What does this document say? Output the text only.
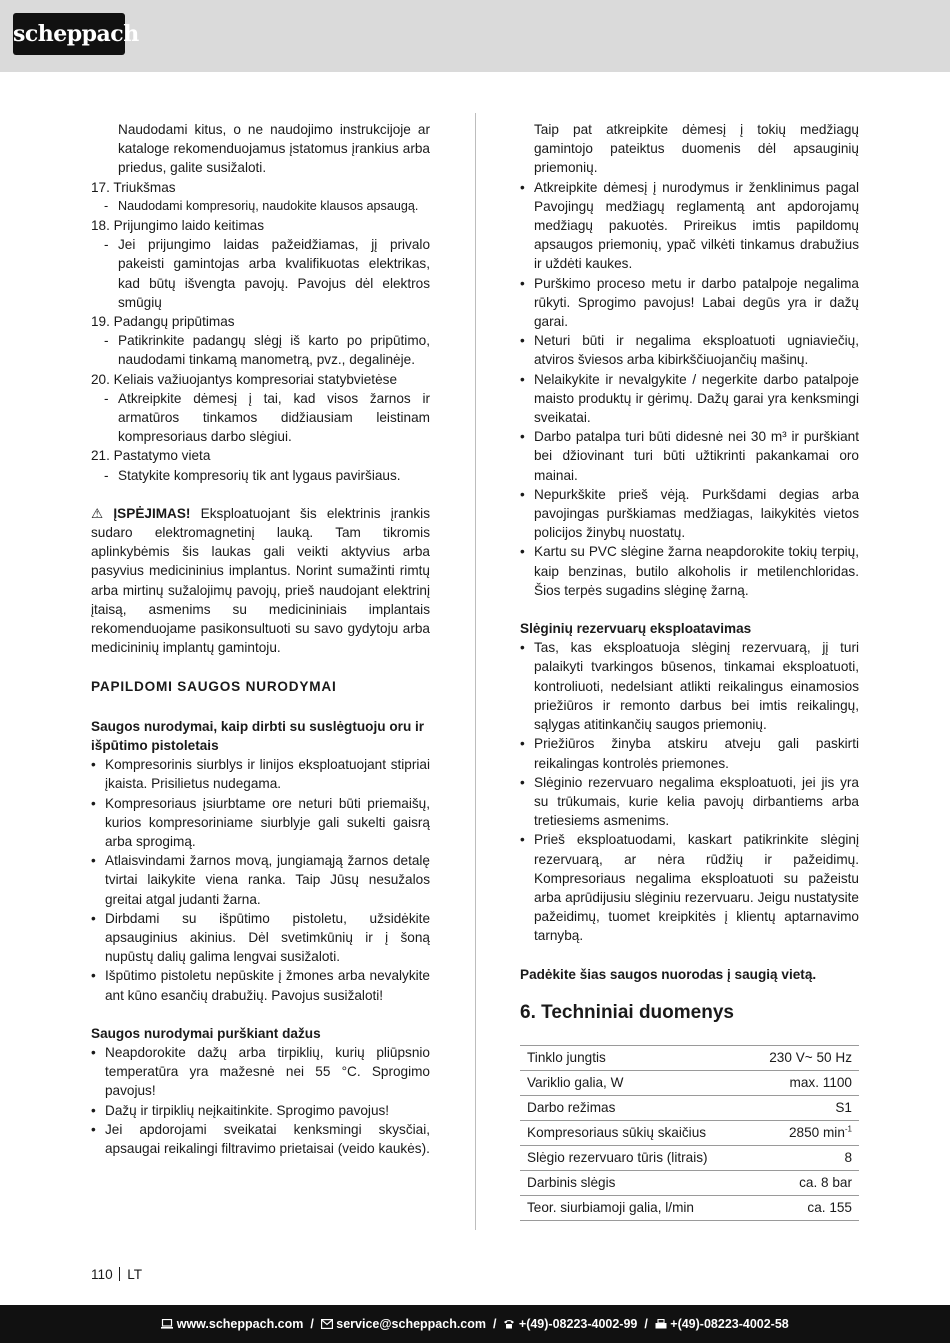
scheppach

Naudodami kitus, o ne naudojimo instrukcijoje ar kataloge rekomenduojamus įstatomus įrankius arba priedus, galite susižaloti.

17. Triukšmas

- Naudodami kompresorių, naudokite klausos apsaugą.

18. Prijungimo laido keitimas

- Jei prijungimo laidas pažeidžiamas, jį privalo pakeisti gamintojas arba kvalifikuotas elektrikas, kad būtų išvengta pavojų. Pavojus dėl elektros smūgių

19. Padangų pripūtimas

- Patikrinkite padangų slėgį iš karto po pripūtimo, naudodami tinkamą manometrą, pvz., degalinėje.

20. Keliais važiuojantys kompresoriai statybvietėse

- Atkreipkite dėmesį į tai, kad visos žarnos ir armatūros tinkamos didžiausiam leistinam kompresoriaus darbo slėgiui.

21. Pastatymo vieta

- Statykite kompresorių tik ant lygaus paviršiaus.

⚠ ĮSPĖJIMAS! Eksploatuojant šis elektrinis įrankis sudaro elektromagnetinį lauką. Tam tikromis aplinkybėmis šis laukas gali veikti aktyvius arba pasyvius medicininius implantus. Norint sumažinti rimtų arba mirtinų sužalojimų pavojų, prieš naudojant elektrinį įtaisą, asmenims su medicininiais implantais rekomenduojame pasikonsultuoti su savo gydytoju arba medicininių implantų gamintoju.

PAPILDOMI SAUGOS NURODYMAI

Saugos nurodymai, kaip dirbti su suslėgtuoju oru ir išpūtimo pistoletais

• Kompresorinis siurblys ir linijos eksploatuojant stipriai įkaista. Prisilietus nudegama.

• Kompresoriaus įsiurbtame ore neturi būti priemaišų, kurios kompresoriniame siurblyje gali sukelti gaisrą arba sprogimą.

• Atlaisvindami žarnos movą, jungiamąją žarnos detalę tvirtai laikykite viena ranka. Taip Jūsų nesužalos greitai atgal judanti žarna.

• Dirbdami su išpūtimo pistoletu, užsidėkite apsauginius akinius. Dėl svetimkūnių ir į šoną nupūstų dalių galima lengvai susižaloti.

• Išpūtimo pistoletu nepūskite į žmones arba nevalykite ant kūno esančių drabužių. Pavojus susižaloti!

Saugos nurodymai purškiant dažus

• Neapdorokite dažų arba tirpiklių, kurių pliūpsnio temperatūra yra mažesnė nei 55 °C. Sprogimo pavojus!

• Dažų ir tirpiklių neįkaitinkite. Sprogimo pavojus!

• Jei apdorojami sveikatai kenksmingi skysčiai, apsaugai reikalingi filtravimo prietaisai (veido kaukės).

Taip pat atkreipkite dėmesį į tokių medžiagų gamintojo pateiktus duomenis dėl apsauginių priemonių.

• Atkreipkite dėmesį į nurodymus ir ženklinimus pagal Pavojingų medžiagų reglamentą ant apdorojamų medžiagų pakuotės. Prireikus imtis papildomų apsaugos priemonių, ypač vilkėti tinkamus drabužius ir uždėti kaukes.

• Purškimo proceso metu ir darbo patalpoje negalima rūkyti. Sprogimo pavojus! Labai degūs yra ir dažų garai.

• Neturi būti ir negalima eksploatuoti ugniaviečių, atviros šviesos arba kibirkščiuojančių mašinų.

• Nelaikykite ir nevalgykite / negerkite darbo patalpoje maisto produktų ir gėrimų. Dažų garai yra kenksmingi sveikatai.

• Darbo patalpa turi būti didesnė nei 30 m³ ir purškiant bei džiovinant turi būti užtikrinti pakankamai oro mainai.

• Nepurkškite prieš vėją. Purkšdami degias arba pavojingas purškiamas medžiagas, laikykitės vietos policijos žinybų nuostatų.

• Kartu su PVC slėgine žarna neapdorokite tokių terpių, kaip benzinas, butilo alkoholis ir metilenchloridas. Šios terpės sugadins slėginę žarną.

Slėginių rezervuarų eksploatavimas

• Tas, kas eksploatuoja slėginį rezervuarą, jį turi palaikyti tvarkingos būsenos, tinkamai eksploatuoti, kontroliuoti, nedelsiant atlikti reikalingus einamosios priežiūros ir remonto darbus bei imtis reikalingų, sąlygas atitinkančių saugos priemonių.

• Priežiūros žinyba atskiru atveju gali paskirti reikalingas kontrolės priemones.

• Slėginio rezervuaro negalima eksploatuoti, jei jis yra su trūkumais, kurie kelia pavojų dirbantiems arba tretiesiems asmenims.

• Prieš eksploatuodami, kaskart patikrinkite slėginį rezervuarą, ar nėra rūdžių ir pažeidimų. Kompresoriaus negalima eksploatuoti su pažeistu arba aprūdijusiu slėginiu rezervuaru. Jeigu nustatysite pažeidimų, tuomet kreipkitės į klientų aptarnavimo tarnybą.

Padėkite šias saugos nuorodas į saugią vietą.

6. Techniniai duomenys

Tinklo jungtis	230 V~ 50 Hz
Variklio galia, W	max. 1100
Darbo režimas	S1
Kompresoriaus sūkių skaičius	2850 $\min^{-1}$
Slėgio rezervuaro tūris (litrais)	8
Darbinis slėgis	ca. 8 bar
Teor. siurbiamoji galia, l/min	ca. 155
110 LT
www.scheppach.com  /   service@scheppach.com  /   +(49)-08223-4002-99  /   +(49)-08223-4002-58
